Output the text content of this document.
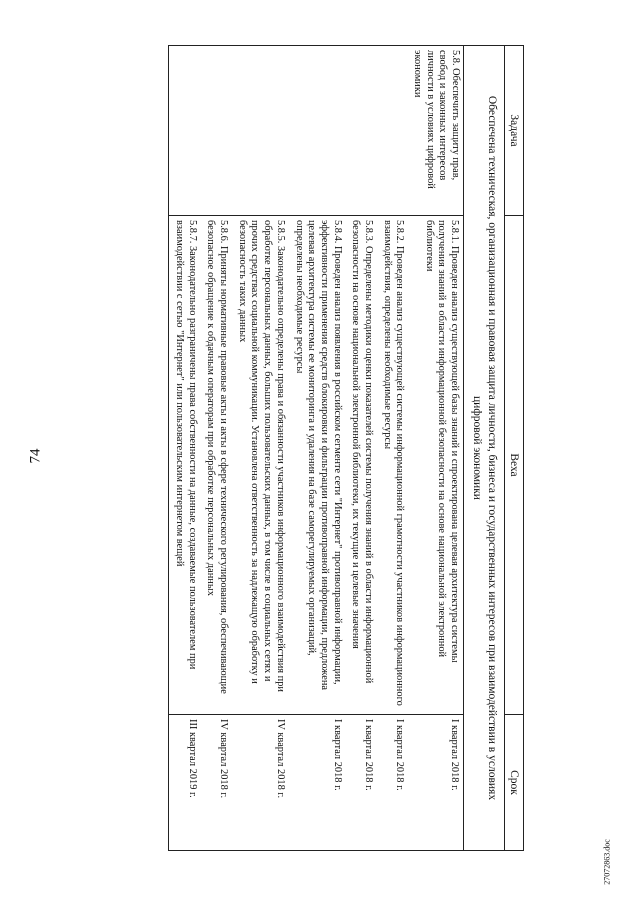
74
27072863.doc
Задача	Веха	Срок
Обеспечена техническая, организационная и правовая защита личности, бизнеса и государственных интересов при взаимодействии в условиях цифровой экономики		
5.8. Обеспечить защиту прав, свобод и законных интересов личности в условиях цифровой экономики	5.8.1. Проведен анализ существующей базы знаний и спроектирована целевая архитектура системы получения знаний в области информационной безопасности на основе национальной электронной библиотеки	I квартал 2018 г.
	5.8.2. Проведен анализ существующей системы информационной грамотности участников информационного взаимодействия, определены необходимые ресурсы	I квартал 2018 г.
	5.8.3. Определены методики оценки показателей системы получения знаний в области информационной безопасности на основе национальной электронной библиотеки, их текущие и целевые значения	I квартал 2018 г.
	5.8.4. Проведен анализ появления в российском сегменте сети "Интернет" противоправной информации, эффективности применения средств блокировки и фильтрации противоправной информации, предложена целевая архитектура системы ее мониторинга и удаления на базе саморегулируемых организаций, определены необходимые ресурсы	I квартал 2018 г.
	5.8.5. Законодательно определены права и обязанности участников информационного взаимодействия при обработке персональных данных, больших пользовательских данных, в том числе в социальных сетях и прочих средствах социальной коммуникации. Установлена ответственность за надлежащую обработку и безопасность таких данных	IV квартал 2018 г.
	5.8.6. Приняты нормативные правовые акты и акты в сфере технического регулирования, обеспечивающие безопасное обращение к обдачным операторам при обработке персональных данных	IV квартал 2018 г.
	5.8.7. Законодательно разграничены права собственности на данные, создаваемые пользователем при взаимодействии с сетью "Интернет" или пользовательским интернетом вещей	III квартал 2019 г.
